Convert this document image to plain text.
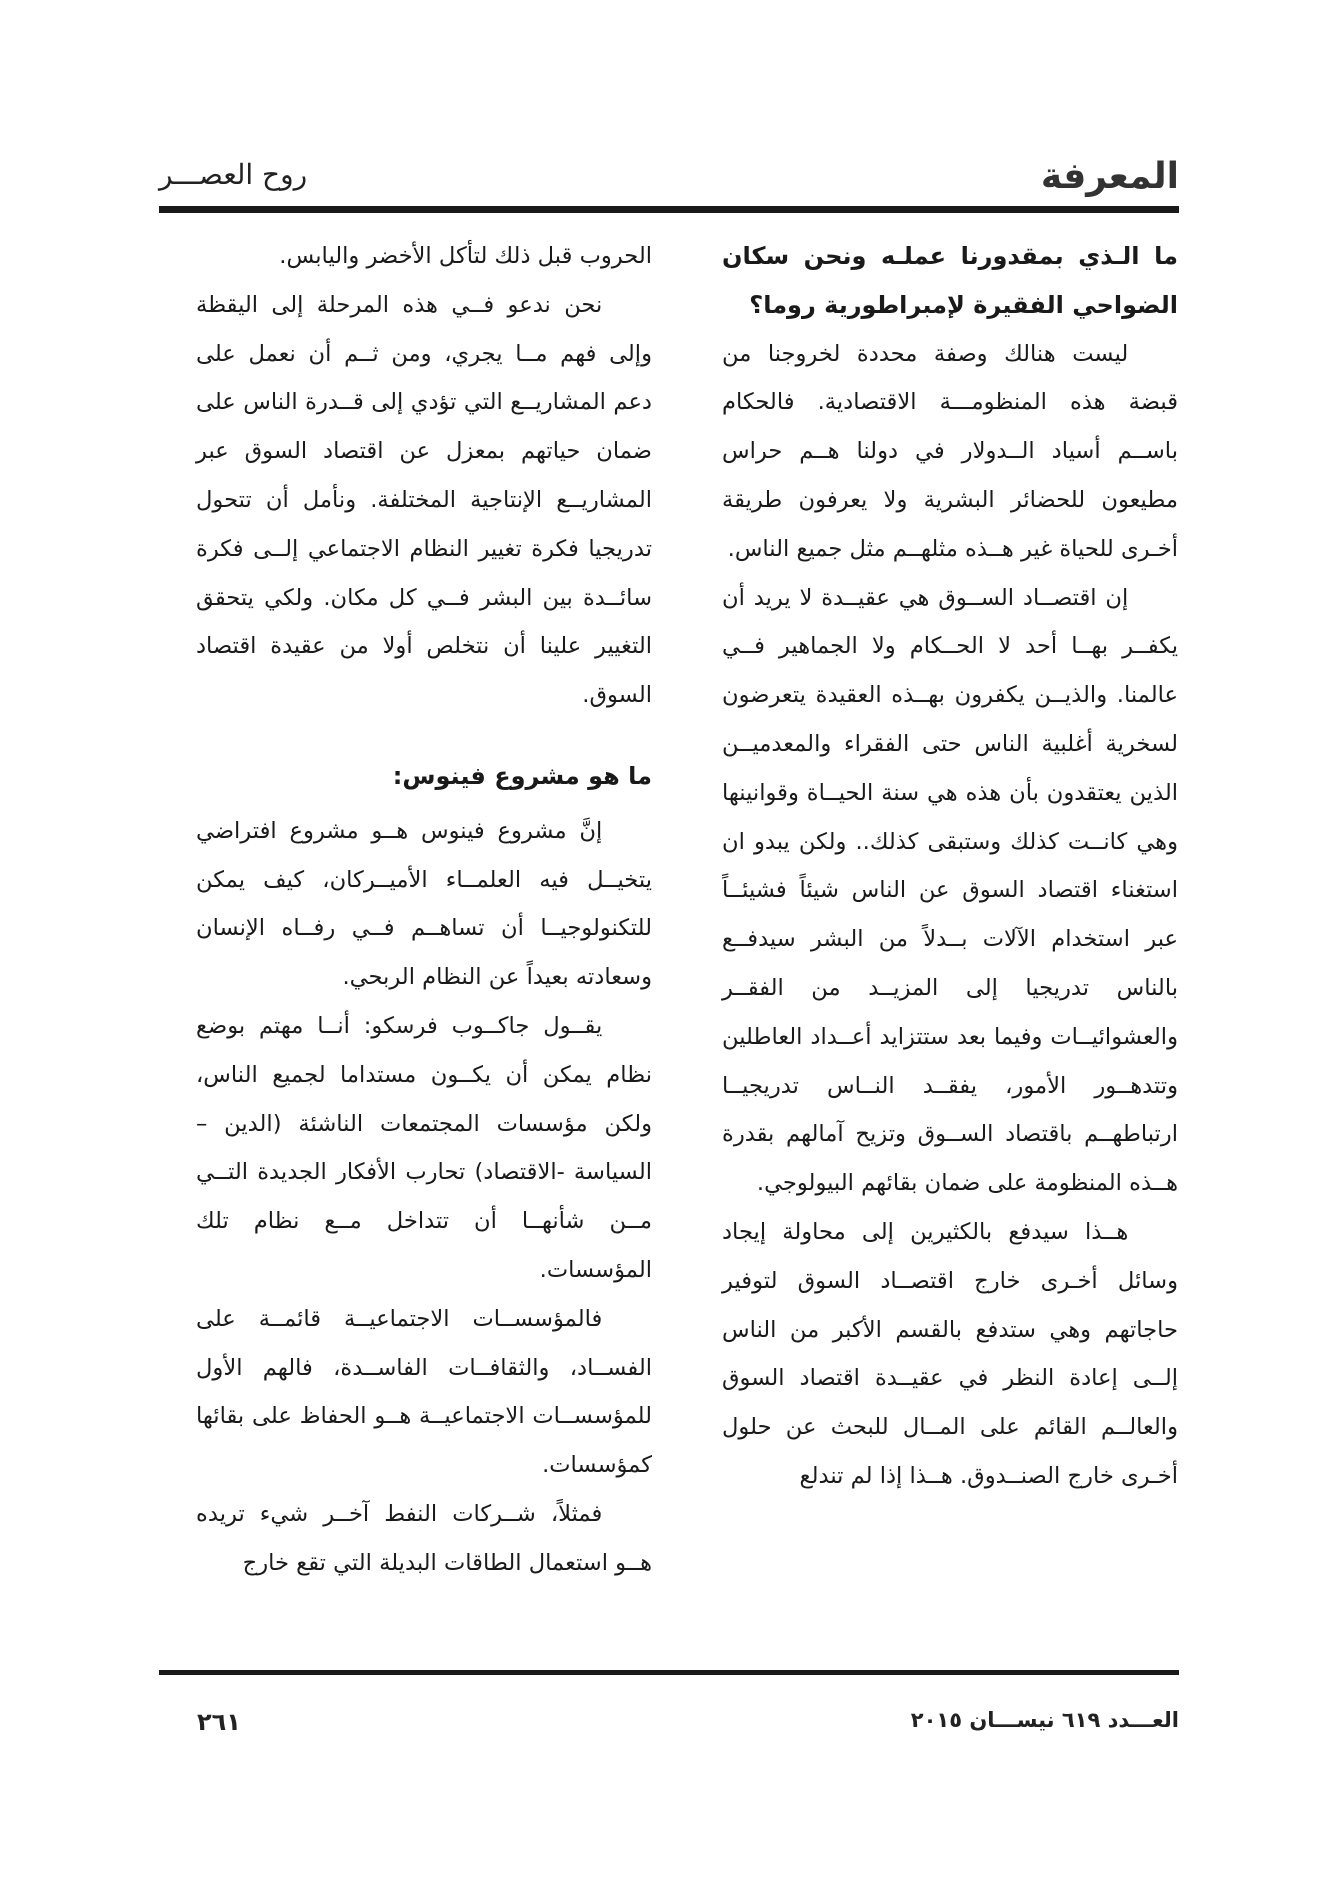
المعرفة
روح العصـــر
ما الـذي بمقدورنا عملـه ونحن سكان الضواحي الفقيرة لإمبراطورية روما؟

ليست هنالك وصفة محددة لخروجنا من قبضة هذه المنظومـــة الاقتصادية. فالحكام باســم أسياد الــدولار في دولنا هــم حراس مطيعون للحضائر البشرية ولا يعرفون طريقة أخـرى للحياة غير هــذه مثلهــم مثل جميع الناس.

إن اقتصــاد الســوق هي عقيــدة لا يريد أن يكفــر بهــا أحد لا الحــكام ولا الجماهير فــي عالمنا. والذيــن يكفرون بهــذه العقيدة يتعرضون لسخرية أغلبية الناس حتى الفقراء والمعدميــن الذين يعتقدون بأن هذه هي سنة الحيــاة وقوانينها وهي كانــت كذلك وستبقى كذلك.. ولكن يبدو ان استغناء اقتصاد السوق عن الناس شيئاً فشيئــاً عبر استخدام الآلات بــدلاً من البشر سيدفــع بالناس تدريجيا إلى المزيــد من الفقــر والعشوائيــات وفيما بعد ستتزايد أعــداد العاطلين وتتدهــور الأمور، يفقــد النــاس تدريجيــا ارتباطهــم باقتصاد الســوق وتزيح آمالهم بقدرة هــذه المنظومة على ضمان بقائهم البيولوجي.

هــذا سيدفع بالكثيرين إلى محاولة إيجاد وسائل أخـرى خارج اقتصــاد السوق لتوفير حاجاتهم وهي ستدفع بالقسم الأكبر من الناس إلــى إعادة النظر في عقيــدة اقتصاد السوق والعالــم القائم على المــال للبحث عن حلول أخـرى خارج الصنــدوق. هــذا إذا لم تندلع

الحروب قبل ذلك لتأكل الأخضر واليابس.

نحن ندعو فــي هذه المرحلة إلى اليقظة وإلى فهم مــا يجري، ومن ثــم أن نعمل على دعم المشاريــع التي تؤدي إلى قــدرة الناس على ضمان حياتهم بمعزل عن اقتصاد السوق عبر المشاريــع الإنتاجية المختلفة. ونأمل أن تتحول تدريجيا فكرة تغيير النظام الاجتماعي إلــى فكرة سائــدة بين البشر فــي كل مكان. ولكي يتحقق التغيير علينا أن نتخلص أولا من عقيدة اقتصاد السوق.

ما هو مشروع فينوس:

إنَّ مشروع فينوس هــو مشروع افتراضي يتخيــل فيه العلمــاء الأميــركان، كيف يمكن للتكنولوجيــا أن تساهــم فــي رفــاه الإنسان وسعادته بعيداً عن النظام الربحي.

يقــول جاكــوب فرسكو: أنــا مهتم بوضع نظام يمكن أن يكــون مستداما لجميع الناس، ولكن مؤسسات المجتمعات الناشئة (الدين – السياسة -الاقتصاد) تحارب الأفكار الجديدة التــي مــن شأنهــا أن تتداخل مــع نظام تلك المؤسسات.

فالمؤسســات الاجتماعيــة قائمــة على الفســاد، والثقافــات الفاســدة، فالهم الأول للمؤسســات الاجتماعيــة هــو الحفاظ على بقائها كمؤسسات.

فمثلاً، شــركات النفط آخــر شيء تريده هــو استعمال الطاقات البديلة التي تقع خارج

العـــدد ٦١٩ نيســـان ٢٠١٥
٢٦١
